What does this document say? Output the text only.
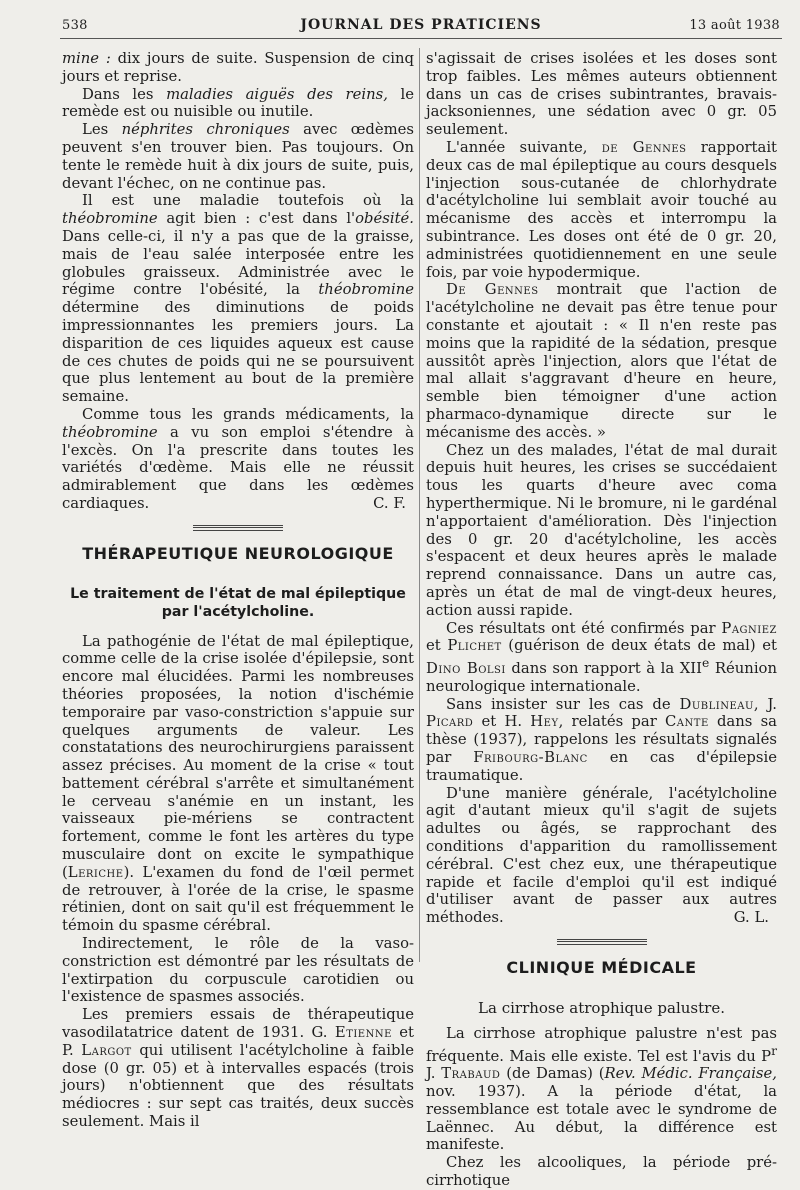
538	JOURNAL DES PRATICIENS	13 août 1938

mine : dix jours de suite. Suspension de cinq jours et reprise.

Dans les maladies aiguës des reins, le remède est ou nuisible ou inutile.

Les néphrites chroniques avec œdèmes peuvent s'en trouver bien. Pas toujours. On tente le remède huit à dix jours de suite, puis, devant l'échec, on ne continue pas.

Il est une maladie toutefois où la théobromine agit bien : c'est dans l'obésité. Dans celle-ci, il n'y a pas que de la graisse, mais de l'eau salée interposée entre les globules graisseux. Administrée avec le régime contre l'obésité, la théobromine détermine des diminutions de poids impressionnantes les premiers jours. La disparition de ces liquides aqueux est cause de ces chutes de poids qui ne se poursuivent que plus lentement au bout de la première semaine.

Comme tous les grands médicaments, la théobromine a vu son emploi s'étendre à l'excès. On l'a prescrite dans toutes les variétés d'œdème. Mais elle ne réussit admirablement que dans les œdèmes cardiaques.	C. F.

THÉRAPEUTIQUE NEUROLOGIQUE
Le traitement de l'état de mal épileptique
par l'acétylcholine.

La pathogénie de l'état de mal épileptique, comme celle de la crise isolée d'épilepsie, sont encore mal élucidées. Parmi les nombreuses théories proposées, la notion d'ischémie temporaire par vaso-constriction s'appuie sur quelques arguments de valeur. Les constatations des neurochirurgiens paraissent assez précises. Au moment de la crise « tout battement cérébral s'arrête et simultanément le cerveau s'anémie en un instant, les vaisseaux pie-mériens se contractent fortement, comme le font les artères du type musculaire dont on excite le sympathique (Leriche). L'examen du fond de l'œil permet de retrouver, à l'orée de la crise, le spasme rétinien, dont on sait qu'il est fréquemment le témoin du spasme cérébral.

Indirectement, le rôle de la vaso-constriction est démontré par les résultats de l'extirpation du corpuscule carotidien ou l'existence de spasmes associés.

Les premiers essais de thérapeutique vasodilatatrice datent de 1931. G. Etienne et P. Largot qui utilisent l'acétylcholine à faible dose (0 gr. 05) et à intervalles espacés (trois jours) n'obtiennent que des résultats médiocres : sur sept cas traités, deux succès seulement. Mais il

s'agissait de crises isolées et les doses sont trop faibles. Les mêmes auteurs obtiennent dans un cas de crises subintrantes, bravais-jacksoniennes, une sédation avec 0 gr. 05 seulement.

L'année suivante, de Gennes rapportait deux cas de mal épileptique au cours desquels l'injection sous-cutanée de chlorhydrate d'acétylcholine lui semblait avoir touché au mécanisme des accès et interrompu la subintrance. Les doses ont été de 0 gr. 20, administrées quotidiennement en une seule fois, par voie hypodermique.

De Gennes montrait que l'action de l'acétylcholine ne devait pas être tenue pour constante et ajoutait : « Il n'en reste pas moins que la rapidité de la sédation, presque aussitôt après l'injection, alors que l'état de mal allait s'aggravant d'heure en heure, semble bien témoigner d'une action pharmaco-dynamique directe sur le mécanisme des accès. »

Chez un des malades, l'état de mal durait depuis huit heures, les crises se succédaient tous les quarts d'heure avec coma hyperthermique. Ni le bromure, ni le gardénal n'apportaient d'amélioration. Dès l'injection des 0 gr. 20 d'acétylcholine, les accès s'espacent et deux heures après le malade reprend connaissance. Dans un autre cas, après un état de mal de vingt-deux heures, action aussi rapide.

Ces résultats ont été confirmés par Pagniez et Plichet (guérison de deux états de mal) et Dino Bolsi dans son rapport à la XIIe Réunion neurologique internationale.

Sans insister sur les cas de Dublineau, J. Picard et H. Hey, relatés par Cante dans sa thèse (1937), rappelons les résultats signalés par Fribourg-Blanc en cas d'épilepsie traumatique.

D'une manière générale, l'acétylcholine agit d'autant mieux qu'il s'agit de sujets adultes ou âgés, se rapprochant des conditions d'apparition du ramollissement cérébral. C'est chez eux, une thérapeutique rapide et facile d'emploi qu'il est indiqué d'utiliser avant de passer aux autres méthodes.	G. L.

CLINIQUE MÉDICALE
La cirrhose atrophique palustre.

La cirrhose atrophique palustre n'est pas fréquente. Mais elle existe. Tel est l'avis du $P^r$ J. Trabaud (de Damas) (Rev. Médic. Française, nov. 1937). A la période d'état, la ressemblance est totale avec le syndrome de Laënnec. Au début, la différence est manifeste.

Chez les alcooliques, la période pré-cirrhotique
